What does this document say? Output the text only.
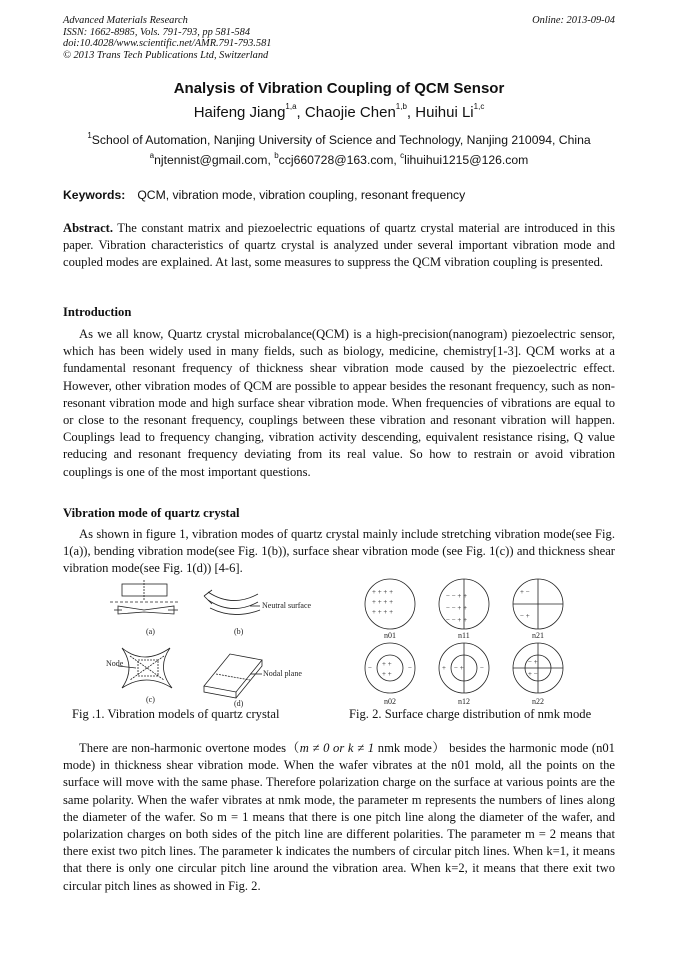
Advanced Materials Research
ISSN: 1662-8985, Vols. 791-793, pp 581-584
doi:10.4028/www.scientific.net/AMR.791-793.581
© 2013 Trans Tech Publications Ltd, Switzerland
Online: 2013-09-04
Analysis of Vibration Coupling of QCM Sensor
Haifeng Jiang$^{1,a}$, Chaojie Chen$^{1,b}$, Huihui Li$^{1,c}$
$^1$School of Automation, Nanjing University of Science and Technology, Nanjing 210094, China
$^a$njtennist@gmail.com, $^b$ccj660728@163.com, $^c$lihuihui1215@126.com
Keywords: QCM, vibration mode, vibration coupling, resonant frequency
Abstract. The constant matrix and piezoelectric equations of quartz crystal material are introduced in this paper. Vibration characteristics of quartz crystal is analyzed under several important vibration mode and coupled modes are explained. At last, some measures to suppress the QCM vibration coupling is presented.
Introduction
As we all know, Quartz crystal microbalance(QCM) is a high-precision(nanogram) piezoelectric sensor, which has been widely used in many fields, such as biology, medicine, chemistry[1-3]. QCM works at a fundamental resonant frequency of thickness shear vibration mode caused by the piezoelectric effect. However, other vibration modes of QCM are possible to appear besides the resonant frequency, such as non-resonant vibration mode and high surface shear vibration mode. When frequencies of vibrations are equal to or close to the resonant frequency, couplings between these vibration and resonant vibration will happen. Couplings lead to frequency changing, vibration activity descending, equivalent resistance rising, Q value reducing and resonant frequency deviating from its real value. So how to restrain or avoid vibration couplings is one of the most important questions.
Vibration mode of quartz crystal
As shown in figure 1, vibration modes of quartz crystal mainly include stretching vibration mode(see Fig. 1(a)), bending vibration mode(see Fig. 1(b)), surface shear vibration mode (see Fig. 1(c)) and thickness shear vibration mode(see Fig. 1(d)) [4-6].
(a)
Neutral surface
(b)
Node
(c)
Nodal plane
(d)
+ + + +
+ + + +
+ + + +
− − + +
− − + +
− − + +
+ −
− +
+ +
+ +
−	−	− +
+	−
− +
+ −
n01	n11	n21
n02	n12	n22
Fig .1. Vibration models of quartz crystal	Fig. 2. Surface charge distribution of nmk mode
There are non-harmonic overtone modes（m ≠ 0 or k ≠ 1 nmk mode） besides the harmonic mode (n01 mode) in thickness shear vibration mode. When the wafer vibrates at the n01 mold, all the points on the surface will move with the same phase. Therefore polarization charge on the surface at various points are the same polarity. When the wafer vibrates at nmk mode, the parameter m represents the numbers of lines along the diameter of the wafer. So m = 1 means that there is one pitch line along the diameter of the wafer, and polarization charges on both sides of the pitch line are different polarities. The parameter m = 2 means that there exist two pitch lines. The parameter k indicates the numbers of circular pitch lines. When k=1, it means that there is only one circular pitch line around the vibration area. When k=2, it means that there exit two circular pitch lines as showed in Fig. 2.
